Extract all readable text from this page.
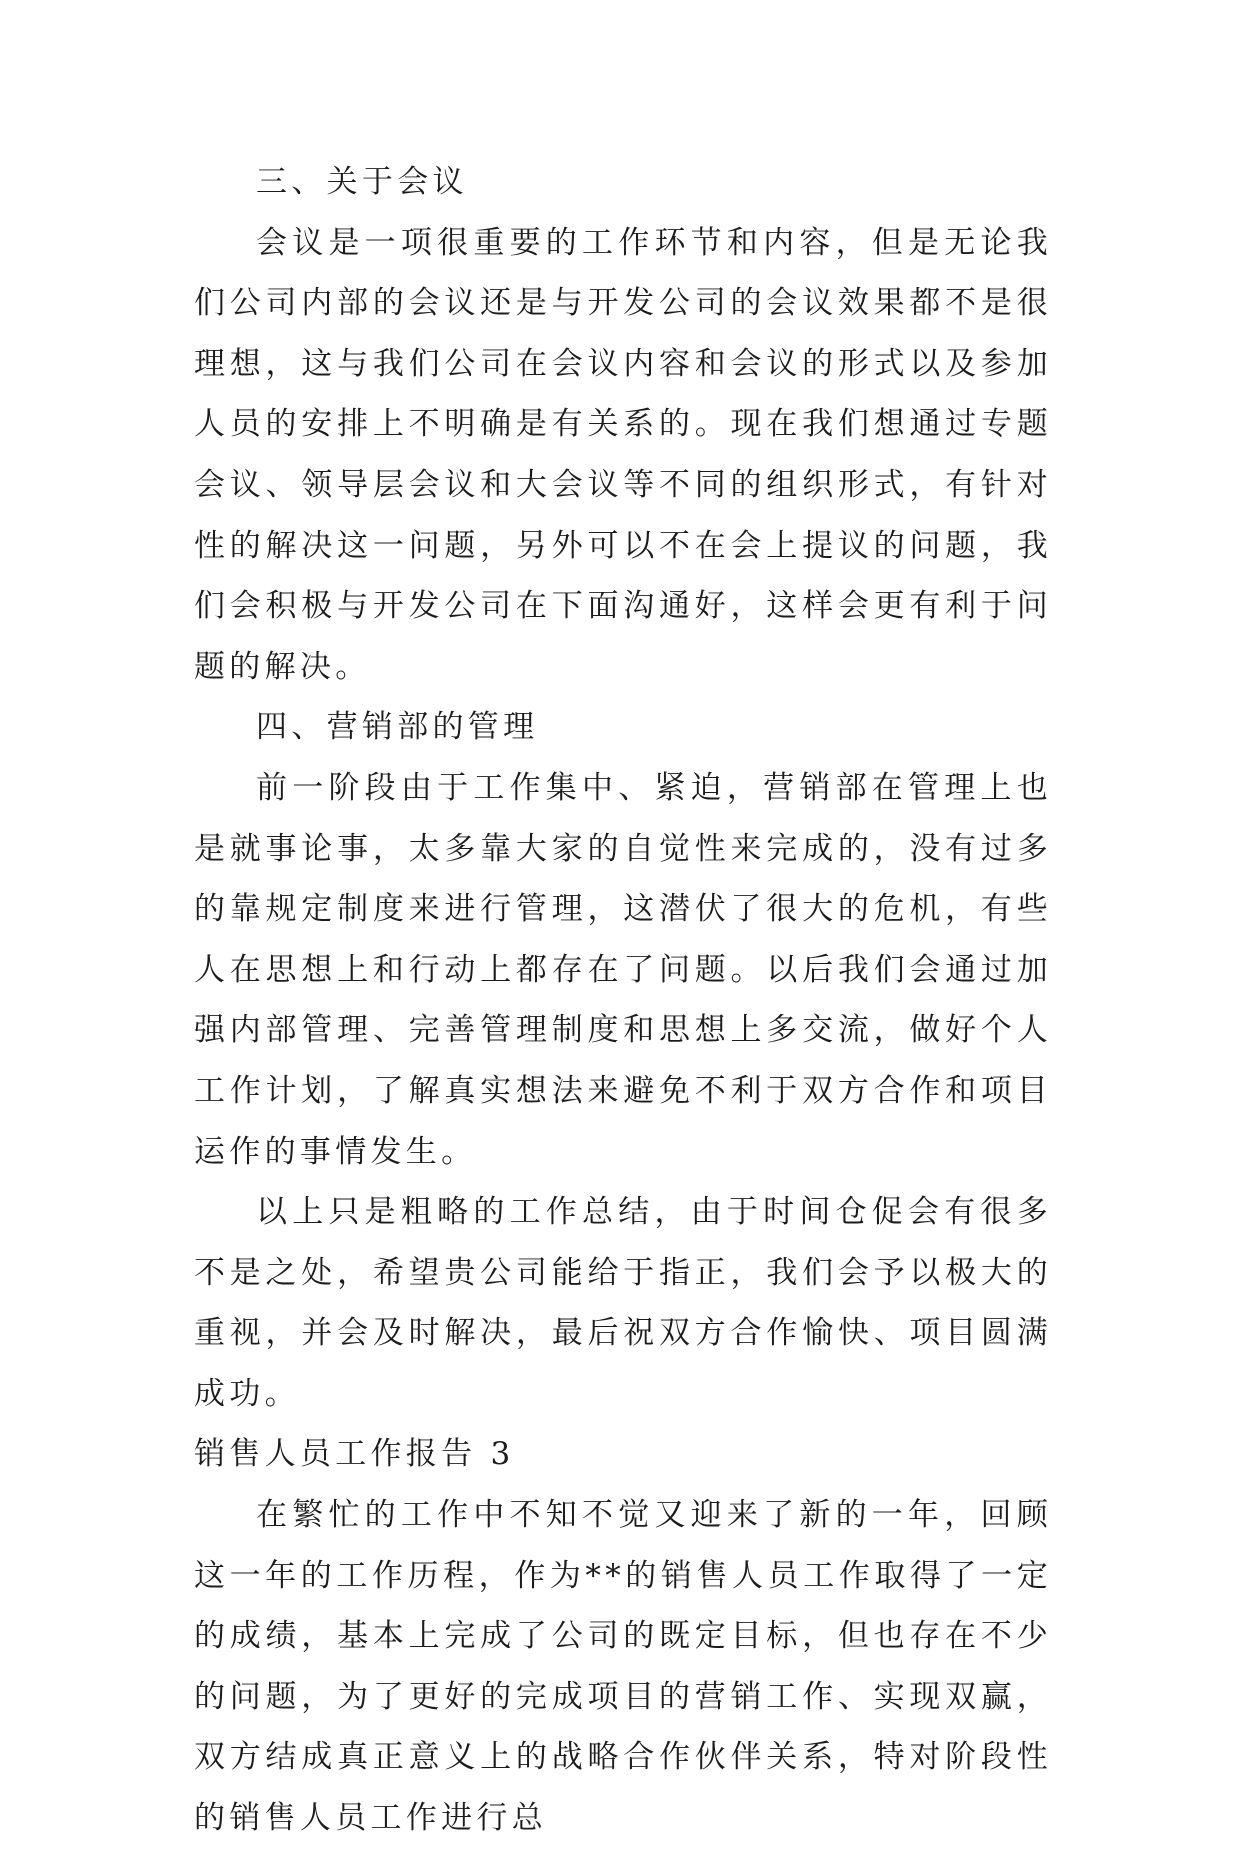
三、关于会议

会议是一项很重要的工作环节和内容，但是无论我们公司内部的会议还是与开发公司的会议效果都不是很理想，这与我们公司在会议内容和会议的形式以及参加人员的安排上不明确是有关系的。现在我们想通过专题会议、领导层会议和大会议等不同的组织形式，有针对性的解决这一问题，另外可以不在会上提议的问题，我们会积极与开发公司在下面沟通好，这样会更有利于问题的解决。

四、营销部的管理

前一阶段由于工作集中、紧迫，营销部在管理上也是就事论事，太多靠大家的自觉性来完成的，没有过多的靠规定制度来进行管理，这潜伏了很大的危机，有些人在思想上和行动上都存在了问题。以后我们会通过加强内部管理、完善管理制度和思想上多交流，做好个人工作计划，了解真实想法来避免不利于双方合作和项目运作的事情发生。

以上只是粗略的工作总结，由于时间仓促会有很多不是之处，希望贵公司能给于指正，我们会予以极大的重视，并会及时解决，最后祝双方合作愉快、项目圆满成功。

销售人员工作报告 3

在繁忙的工作中不知不觉又迎来了新的一年，回顾这一年的工作历程，作为**的销售人员工作取得了一定的成绩，基本上完成了公司的既定目标，但也存在不少的问题，为了更好的完成项目的营销工作、实现双赢，双方结成真正意义上的战略合作伙伴关系，特对阶段性的销售人员工作进行总
